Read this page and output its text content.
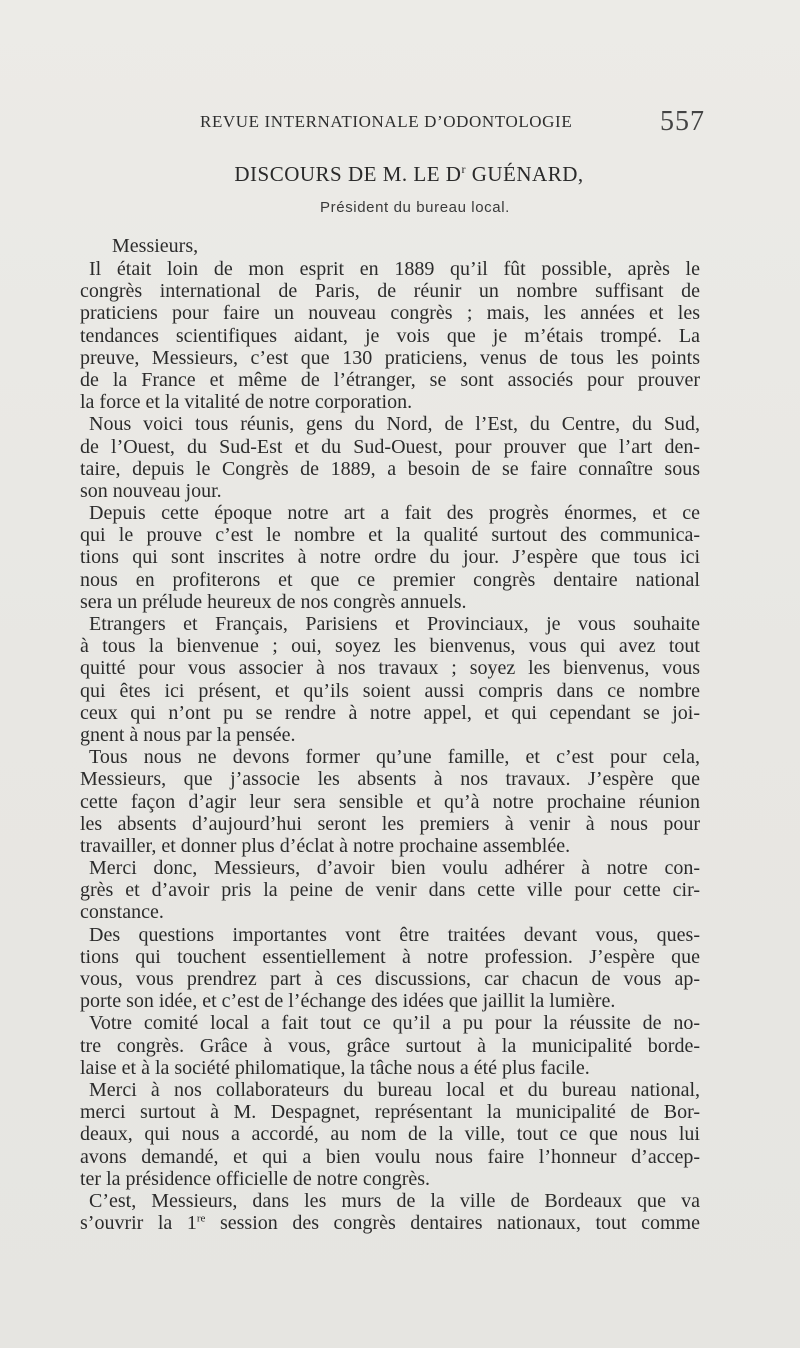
REVUE INTERNATIONALE D’ODONTOLOGIE	557
DISCOURS DE M. LE $D^r$ GUÉNARD,
Président du bureau local.
Messieurs,
Il était loin de mon esprit en 1889 qu’il fût possible, après le
congrès international de Paris, de réunir un nombre suffisant de
praticiens pour faire un nouveau congrès ; mais, les années et les
tendances scientifiques aidant, je vois que je m’étais trompé. La
preuve, Messieurs, c’est que 130 praticiens, venus de tous les points
de la France et même de l’étranger, se sont associés pour prouver
la force et la vitalité de notre corporation.
Nous voici tous réunis, gens du Nord, de l’Est, du Centre, du Sud,
de l’Ouest, du Sud-Est et du Sud-Ouest, pour prouver que l’art den-
taire, depuis le Congrès de 1889, a besoin de se faire connaître sous
son nouveau jour.
Depuis cette époque notre art a fait des progrès énormes, et ce
qui le prouve c’est le nombre et la qualité surtout des communica-
tions qui sont inscrites à notre ordre du jour. J’espère que tous ici
nous en profiterons et que ce premier congrès dentaire national
sera un prélude heureux de nos congrès annuels.
Etrangers et Français, Parisiens et Provinciaux, je vous souhaite
à tous la bienvenue ; oui, soyez les bienvenus, vous qui avez tout
quitté pour vous associer à nos travaux ; soyez les bienvenus, vous
qui êtes ici présent, et qu’ils soient aussi compris dans ce nombre
ceux qui n’ont pu se rendre à notre appel, et qui cependant se joi-
gnent à nous par la pensée.
Tous nous ne devons former qu’une famille, et c’est pour cela,
Messieurs, que j’associe les absents à nos travaux. J’espère que
cette façon d’agir leur sera sensible et qu’à notre prochaine réunion
les absents d’aujourd’hui seront les premiers à venir à nous pour
travailler, et donner plus d’éclat à notre prochaine assemblée.
Merci donc, Messieurs, d’avoir bien voulu adhérer à notre con-
grès et d’avoir pris la peine de venir dans cette ville pour cette cir-
constance.
Des questions importantes vont être traitées devant vous, ques-
tions qui touchent essentiellement à notre profession. J’espère que
vous, vous prendrez part à ces discussions, car chacun de vous ap-
porte son idée, et c’est de l’échange des idées que jaillit la lumière.
Votre comité local a fait tout ce qu’il a pu pour la réussite de no-
tre congrès. Grâce à vous, grâce surtout à la municipalité borde-
laise et à la société philomatique, la tâche nous a été plus facile.
Merci à nos collaborateurs du bureau local et du bureau national,
merci surtout à M. Despagnet, représentant la municipalité de Bor-
deaux, qui nous a accordé, au nom de la ville, tout ce que nous lui
avons demandé, et qui a bien voulu nous faire l’honneur d’accep-
ter la présidence officielle de notre congrès.
C’est, Messieurs, dans les murs de la ville de Bordeaux que va
s’ouvrir la 1re session des congrès dentaires nationaux, tout comme
